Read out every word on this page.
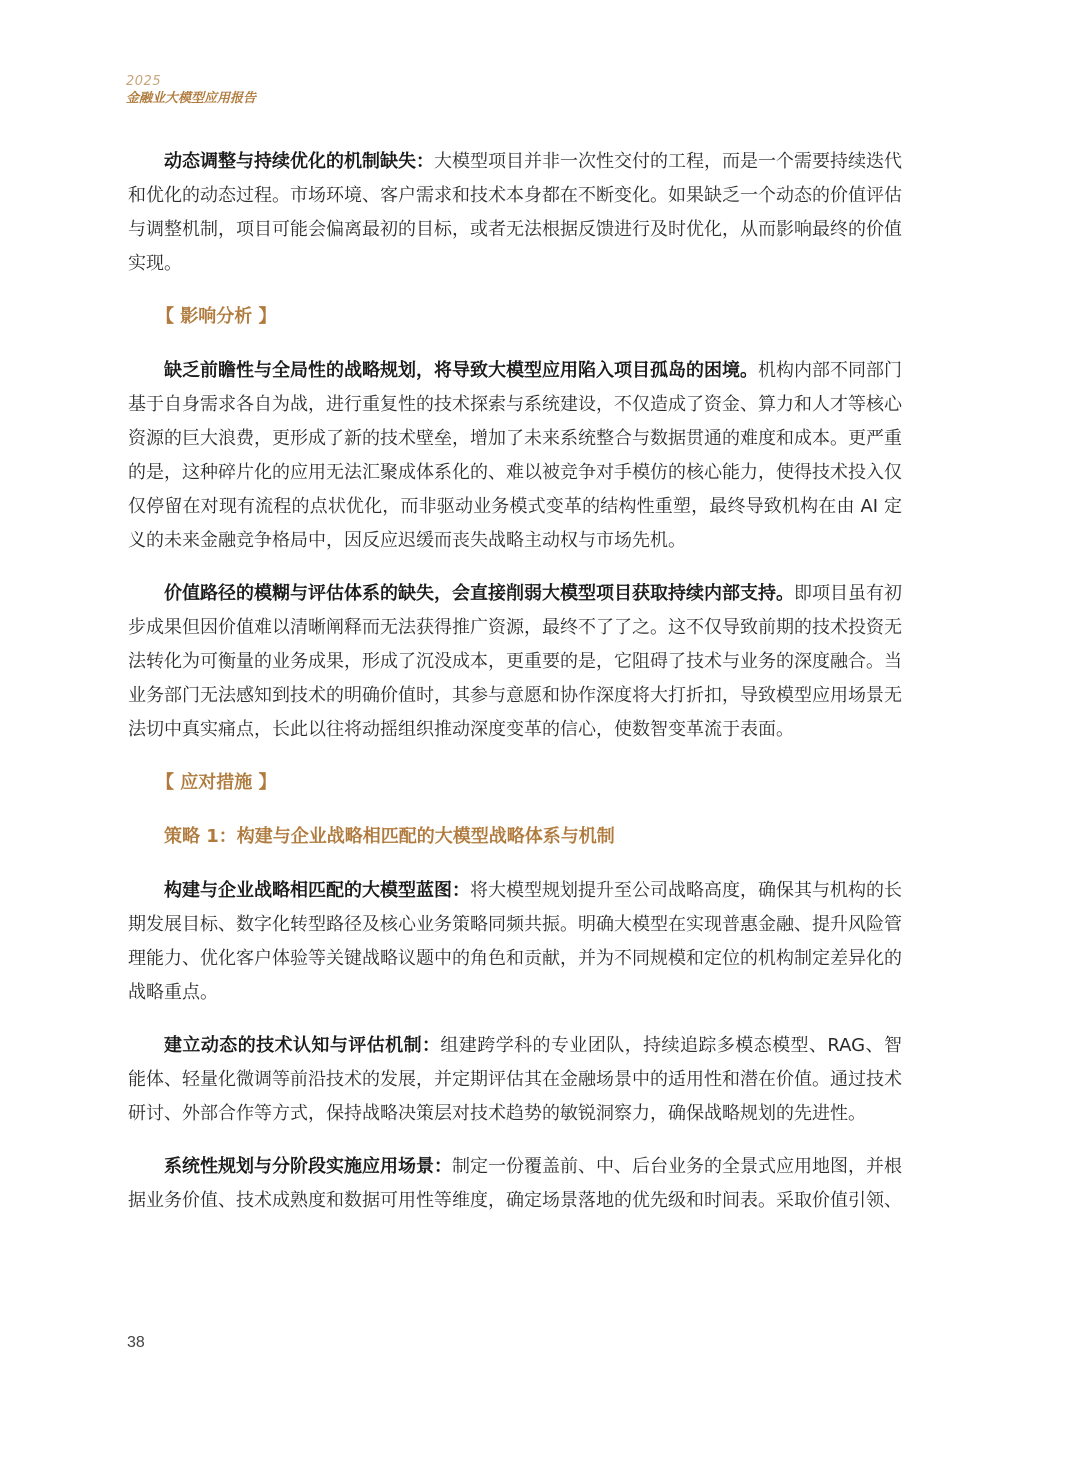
2025
金融业大模型应用报告

动态调整与持续优化的机制缺失：大模型项目并非一次性交付的工程，而是一个需要持续迭代和优化的动态过程。市场环境、客户需求和技术本身都在不断变化。如果缺乏一个动态的价值评估与调整机制，项目可能会偏离最初的目标，或者无法根据反馈进行及时优化，从而影响最终的价值实现。

【 影响分析 】

缺乏前瞻性与全局性的战略规划，将导致大模型应用陷入项目孤岛的困境。机构内部不同部门基于自身需求各自为战，进行重复性的技术探索与系统建设，不仅造成了资金、算力和人才等核心资源的巨大浪费，更形成了新的技术壁垒，增加了未来系统整合与数据贯通的难度和成本。更严重的是，这种碎片化的应用无法汇聚成体系化的、难以被竞争对手模仿的核心能力，使得技术投入仅仅停留在对现有流程的点状优化，而非驱动业务模式变革的结构性重塑，最终导致机构在由 AI 定义的未来金融竞争格局中，因反应迟缓而丧失战略主动权与市场先机。

价值路径的模糊与评估体系的缺失，会直接削弱大模型项目获取持续内部支持。即项目虽有初步成果但因价值难以清晰阐释而无法获得推广资源，最终不了了之。这不仅导致前期的技术投资无法转化为可衡量的业务成果，形成了沉没成本，更重要的是，它阻碍了技术与业务的深度融合。当业务部门无法感知到技术的明确价值时，其参与意愿和协作深度将大打折扣，导致模型应用场景无法切中真实痛点，长此以往将动摇组织推动深度变革的信心，使数智变革流于表面。

【 应对措施 】
策略 1：构建与企业战略相匹配的大模型战略体系与机制

构建与企业战略相匹配的大模型蓝图：将大模型规划提升至公司战略高度，确保其与机构的长期发展目标、数字化转型路径及核心业务策略同频共振。明确大模型在实现普惠金融、提升风险管理能力、优化客户体验等关键战略议题中的角色和贡献，并为不同规模和定位的机构制定差异化的战略重点。

建立动态的技术认知与评估机制：组建跨学科的专业团队，持续追踪多模态模型、RAG、智能体、轻量化微调等前沿技术的发展，并定期评估其在金融场景中的适用性和潜在价值。通过技术研讨、外部合作等方式，保持战略决策层对技术趋势的敏锐洞察力，确保战略规划的先进性。

系统性规划与分阶段实施应用场景：制定一份覆盖前、中、后台业务的全景式应用地图，并根据业务价值、技术成熟度和数据可用性等维度，确定场景落地的优先级和时间表。采取价值引领、

38
